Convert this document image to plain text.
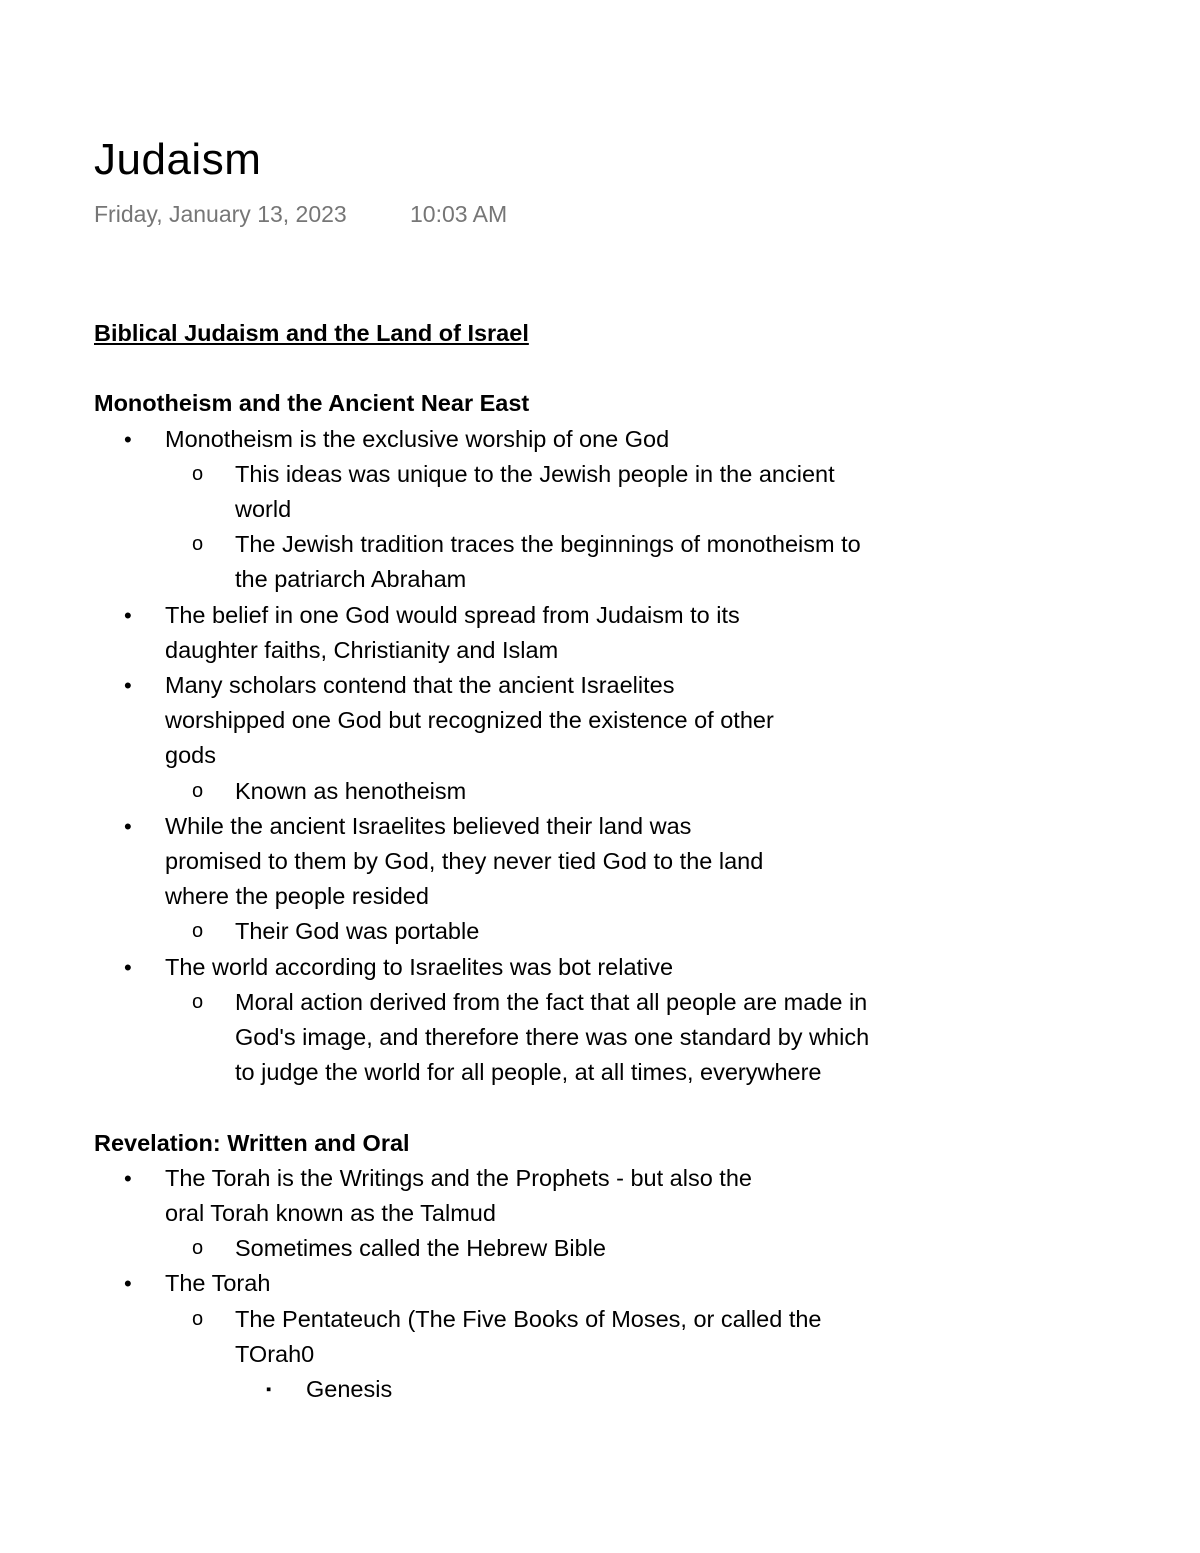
Judaism
Friday, January 13, 2023	10:03 AM
Biblical Judaism and the Land of Israel
Monotheism and the Ancient Near East
• Monotheism is the exclusive worship of one God
o This ideas was unique to the Jewish people in the ancient world
o The Jewish tradition traces the beginnings of monotheism to the patriarch Abraham
• The belief in one God would spread from Judaism to its daughter faiths, Christianity and Islam
• Many scholars contend that the ancient Israelites worshipped one God but recognized the existence of other gods
o Known as henotheism
• While the ancient Israelites believed their land was promised to them by God, they never tied God to the land where the people resided
o Their God was portable
• The world according to Israelites was bot relative
o Moral action derived from the fact that all people are made in God's image, and therefore there was one standard by which to judge the world for all people, at all times, everywhere
Revelation: Written and Oral
• The Torah is the Writings and the Prophets - but also the oral Torah known as the Talmud
o Sometimes called the Hebrew Bible
• The Torah
o The Pentateuch (The Five Books of Moses, or called the TOrah0
▪ Genesis
